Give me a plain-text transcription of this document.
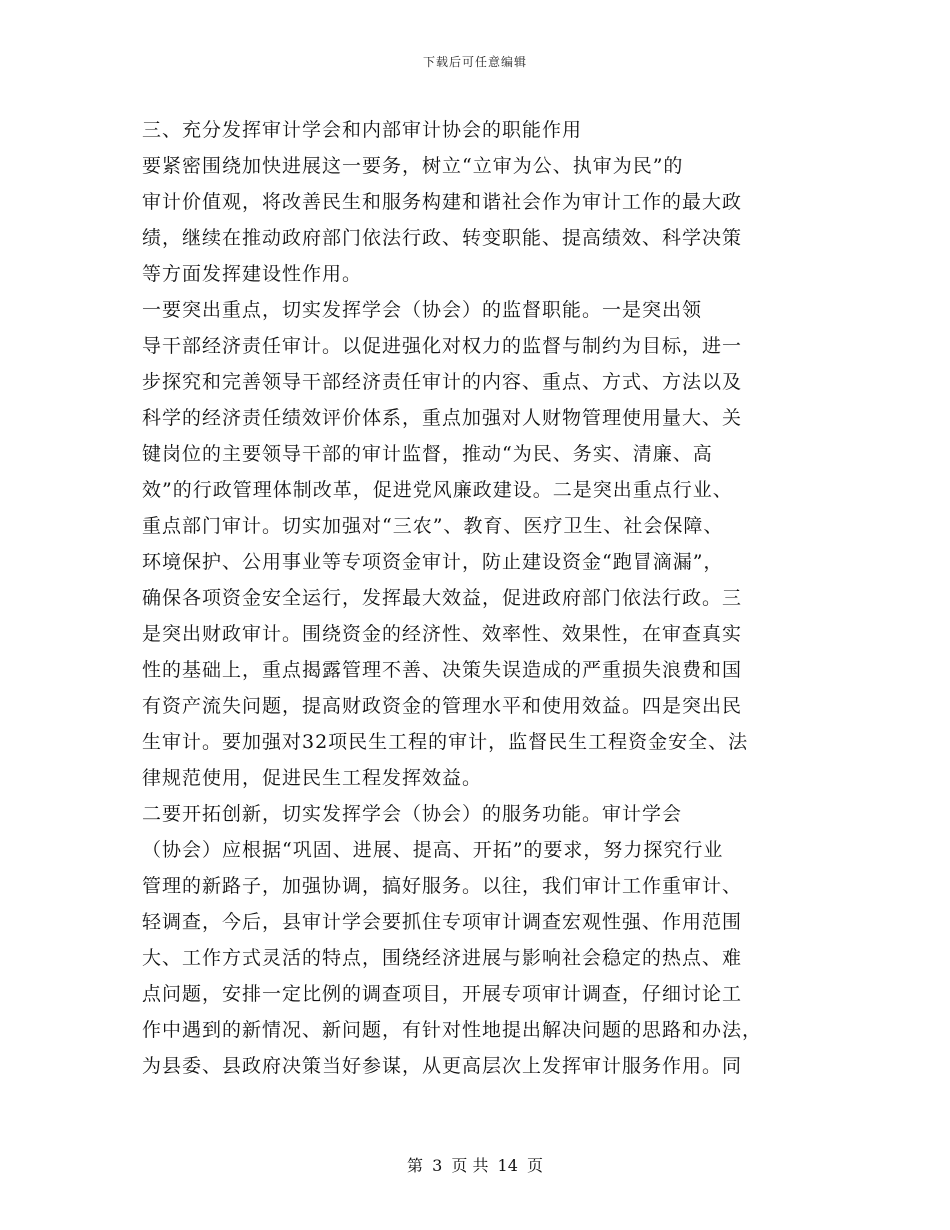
下载后可任意编辑
三、充分发挥审计学会和内部审计协会的职能作用
要紧密围绕加快进展这一要务，树立“立审为公、执审为民”的
审计价值观，将改善民生和服务构建和谐社会作为审计工作的最大政
绩，继续在推动政府部门依法行政、转变职能、提高绩效、科学决策
等方面发挥建设性作用。
一要突出重点，切实发挥学会（协会）的监督职能。一是突出领
导干部经济责任审计。以促进强化对权力的监督与制约为目标，进一
步探究和完善领导干部经济责任审计的内容、重点、方式、方法以及
科学的经济责任绩效评价体系，重点加强对人财物管理使用量大、关
键岗位的主要领导干部的审计监督，推动“为民、务实、清廉、高
效”的行政管理体制改革，促进党风廉政建设。二是突出重点行业、
重点部门审计。切实加强对“三农”、教育、医疗卫生、社会保障、
环境保护、公用事业等专项资金审计，防止建设资金“跑冒滴漏”，
确保各项资金安全运行，发挥最大效益，促进政府部门依法行政。三
是突出财政审计。围绕资金的经济性、效率性、效果性，在审查真实
性的基础上，重点揭露管理不善、决策失误造成的严重损失浪费和国
有资产流失问题，提高财政资金的管理水平和使用效益。四是突出民
生审计。要加强对32项民生工程的审计，监督民生工程资金安全、法
律规范使用，促进民生工程发挥效益。
二要开拓创新，切实发挥学会（协会）的服务功能。审计学会
（协会）应根据“巩固、进展、提高、开拓”的要求，努力探究行业
管理的新路子，加强协调，搞好服务。以往，我们审计工作重审计、
轻调查，今后，县审计学会要抓住专项审计调查宏观性强、作用范围
大、工作方式灵活的特点，围绕经济进展与影响社会稳定的热点、难
点问题，安排一定比例的调查项目，开展专项审计调查，仔细讨论工
作中遇到的新情况、新问题，有针对性地提出解决问题的思路和办法，
为县委、县政府决策当好参谋，从更高层次上发挥审计服务作用。同
第 3 页 共 14 页
